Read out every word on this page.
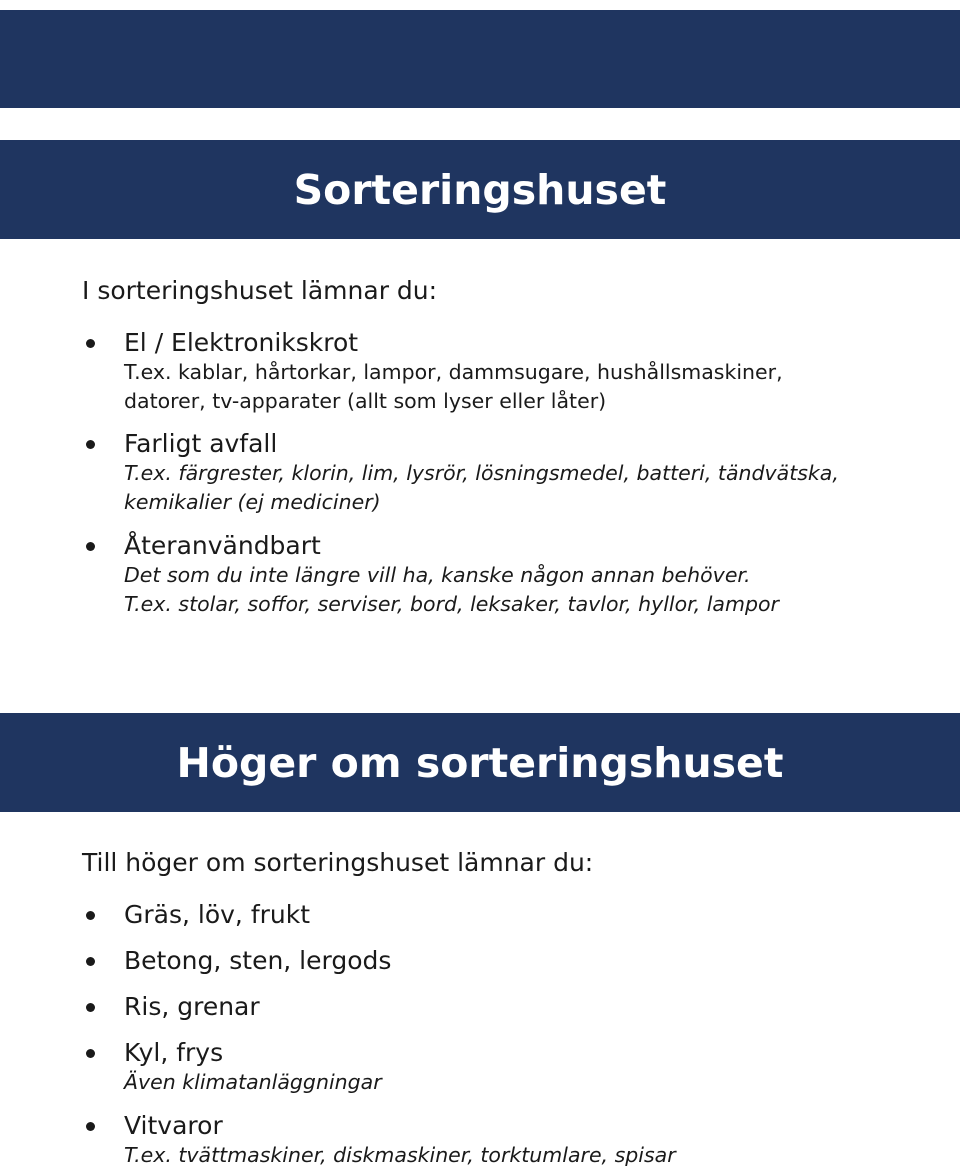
Sorteringshuset
I sorteringshuset lämnar du:
El / Elektronikskrot
T.ex. kablar, hårtorkar, lampor, dammsugare, hushållsmaskiner,
datorer, tv-apparater (allt som lyser eller låter)
Farligt avfall
T.ex. färgrester, klorin, lim, lysrör, lösningsmedel, batteri, tändvätska,
kemikalier (ej mediciner)
Återanvändbart
Det som du inte längre vill ha, kanske någon annan behöver.
T.ex. stolar, soffor, serviser, bord, leksaker, tavlor, hyllor, lampor
Höger om sorteringshuset
Till höger om sorteringshuset lämnar du:
Gräs, löv, frukt
Betong, sten, lergods
Ris, grenar
Kyl, frys
Även klimatanläggningar
Vitvaror
T.ex. tvättmaskiner, diskmaskiner, torktumlare, spisar
